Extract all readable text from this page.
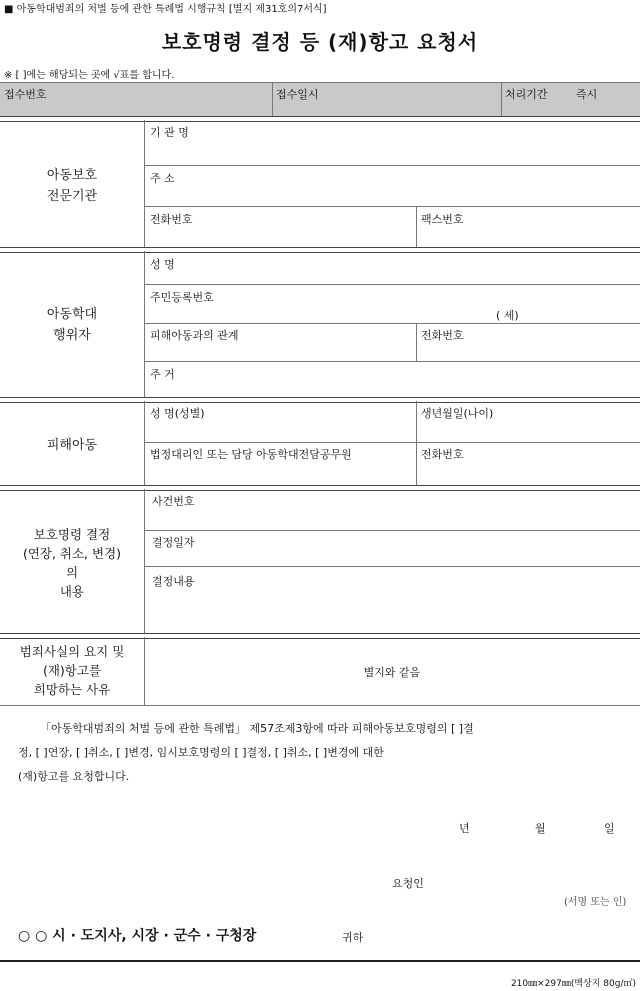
■ 아동학대범죄의 처벌 등에 관한 특례법 시행규칙 [별지 제31호의7서식]
보호명령 결정 등 (재)항고 요청서
※ [ ]에는 해당되는 곳에 √표를 합니다.
접수번호	접수일시	처리기간	즉시
아동보호
전문기관
기 관 명
주 소
전화번호	팩스번호
아동학대
행위자
성 명
주민등록번호
( 세)
피해아동과의 관계	전화번호
주 거
피해아동
성 명(성별)	생년월일(나이)
법정대리인 또는 담당 아동학대전담공무원	전화번호
보호명령 결정
(연장, 취소, 변경)
의
내용
사건번호
결정일자
결정내용
범죄사실의 요지 및
(재)항고를
희망하는 사유
별지와 같음
「아동학대범죄의 처벌 등에 관한 특례법」 제57조제3항에 따라 피해아동보호명령의 [ ]결
정, [ ]연장, [ ]취소, [ ]변경, 임시보호명령의 [ ]결정, [ ]취소, [ ]변경에 대한
(재)항고를 요청합니다.
년	월	일
요청인
(서명 또는 인)
○ ○ 시 · 도지사, 시장 · 군수 · 구청장	귀하
210㎜×297㎜(백상지 80g/㎡)
